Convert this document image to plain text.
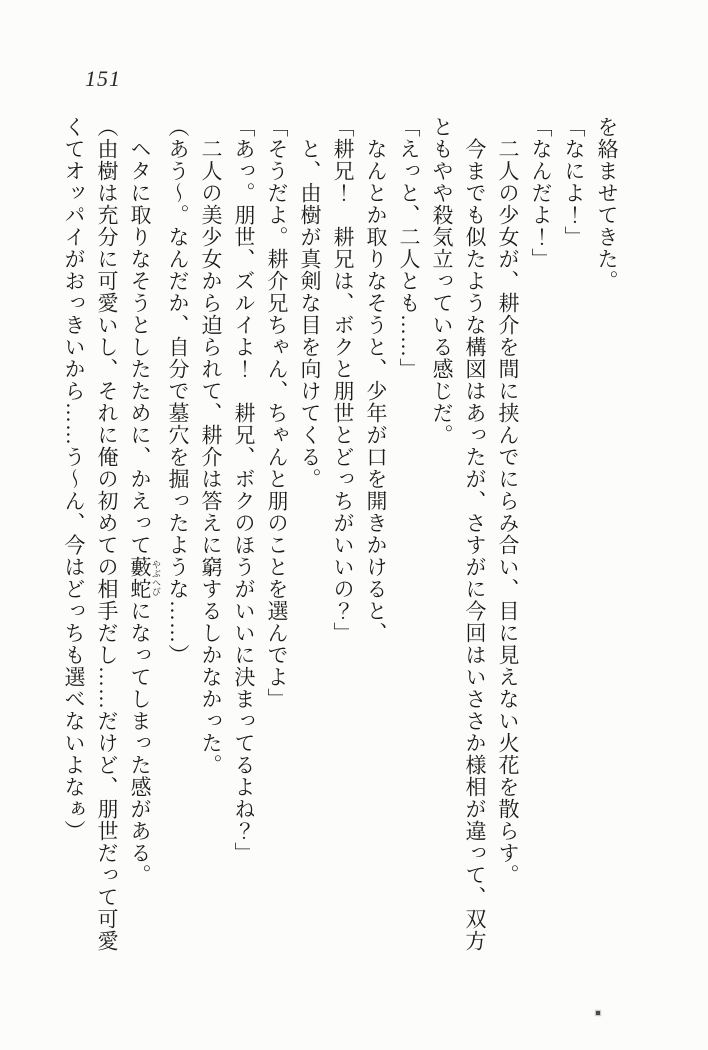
151
を絡ませてきた。
「なによ！」
「なんだよ！」
　二人の少女が、耕介を間に挟んでにらみ合い、目に見えない火花を散らす。
　今までも似たような構図はあったが、さすがに今回はいささか様相が違って、双方
ともやや殺気立っている感じだ。
「えっと、二人とも……」
　なんとか取りなそうと、少年が口を開きかけると、
「耕兄！　耕兄は、ボクと朋世とどっちがいいの？」
　と、由樹が真剣な目を向けてくる。
「そうだよ。耕介兄ちゃん、ちゃんと朋のことを選んでよ」
「あっ。朋世、ズルイよ！　耕兄、ボクのほうがいいに決まってるよね？」
　二人の美少女から迫られて、耕介は答えに窮するしかなかった。
（あう～。なんだか、自分で墓穴を掘ったような……）
　ヘタに取りなそうとしたために、かえって藪蛇 やぶへびになってしまった感がある。
（由樹は充分に可愛いし、それに俺の初めての相手だし……だけど、朋世だって可愛
くてオッパイがおっきいから……う～ん、今はどっちも選べないよなぁ）
